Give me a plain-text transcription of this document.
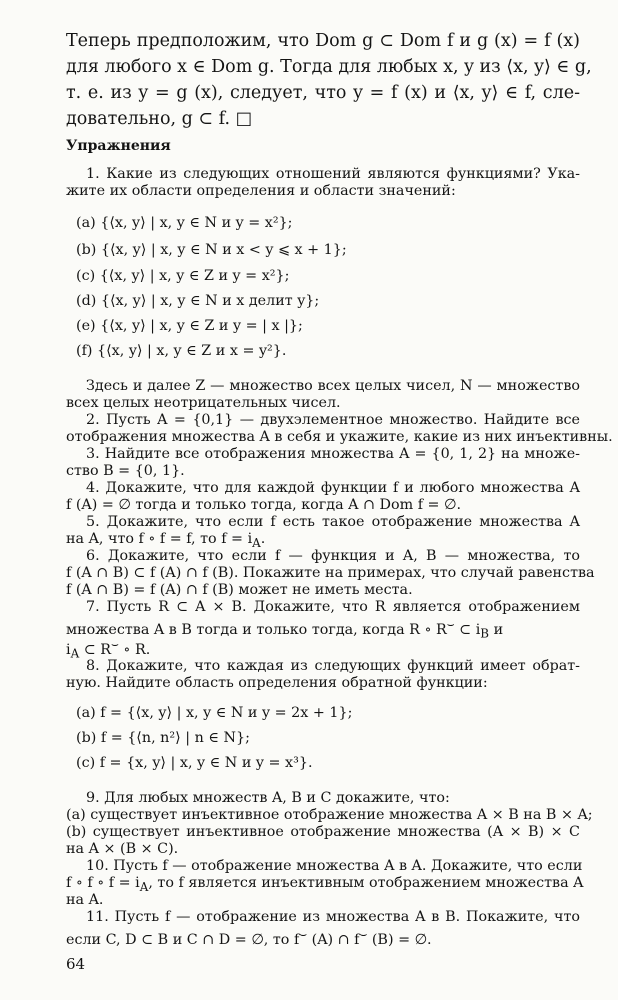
Теперь предположим, что Dom g ⊂ Dom f и g (x) = f (x)
для любого x ∈ Dom g. Тогда для любых x, y из ⟨x, y⟩ ∈ g,
т. е. из y = g (x), следует, что y = f (x) и ⟨x, y⟩ ∈ f, сле-
довательно, g ⊂ f. □
Упражнения
1. Какие из следующих отношений являются функциями? Ука-
жите их области определения и области значений:
(a) {⟨x, y⟩ | x, y ∈ N и y = x²};
(b) {⟨x, y⟩ | x, y ∈ N и x < y ⩽ x + 1};
(c) {⟨x, y⟩ | x, y ∈ Z и y = x²};
(d) {⟨x, y⟩ | x, y ∈ N и x делит y};
(e) {⟨x, y⟩ | x, y ∈ Z и y = | x |};
(f) {⟨x, y⟩ | x, y ∈ Z и x = y²}.
Здесь и далее Z — множество всех целых чисел, N — множество
всех целых неотрицательных чисел.
2. Пусть A = {0,1} — двухэлементное множество. Найдите все
отображения множества A в себя и укажите, какие из них инъективны.
3. Найдите все отображения множества A = {0, 1, 2} на множе-
ство B = {0, 1}.
4. Докажите, что для каждой функции f и любого множества A
f (A) = ∅ тогда и только тогда, когда A ∩ Dom f = ∅.
5. Докажите, что если f есть такое отображение множества A
на A, что f ∘ f = f, то $f = i_A$.
6. Докажите, что если f — функция и A, B — множества, то
f (A ∩ B) ⊂ f (A) ∩ f (B). Покажите на примерах, что случай равенства
f (A ∩ B) = f (A) ∩ f (B) может не иметь места.
7. Пусть R ⊂ A × B. Докажите, что R является отображением
множества A в B тогда и только тогда, когда R ∘ R⌣ ⊂ $i_B$ и
$i_A$ ⊂ R⌣ ∘ R.
8. Докажите, что каждая из следующих функций имеет обрат-
ную. Найдите область определения обратной функции:
(a) f = {⟨x, y⟩ | x, y ∈ N и y = 2x + 1};
(b) f = {⟨n, n²⟩ | n ∈ N};
(c) f = {x, y⟩ | x, y ∈ N и y = x³}.
9. Для любых множеств A, B и C докажите, что:
(a) существует инъективное отображение множества A × B на B × A;
(b) существует инъективное отображение множества (A × B) × C
на A × (B × C).
10. Пусть f — отображение множества A в A. Докажите, что если
f ∘ f ∘ $f = i_A$, то f является инъективным отображением множества A
на A.
11. Пусть f — отображение из множества A в B. Покажите, что
если C, D ⊂ B и C ∩ D = ∅, то f⌣ (A) ∩ f⌣ (B) = ∅.
64
